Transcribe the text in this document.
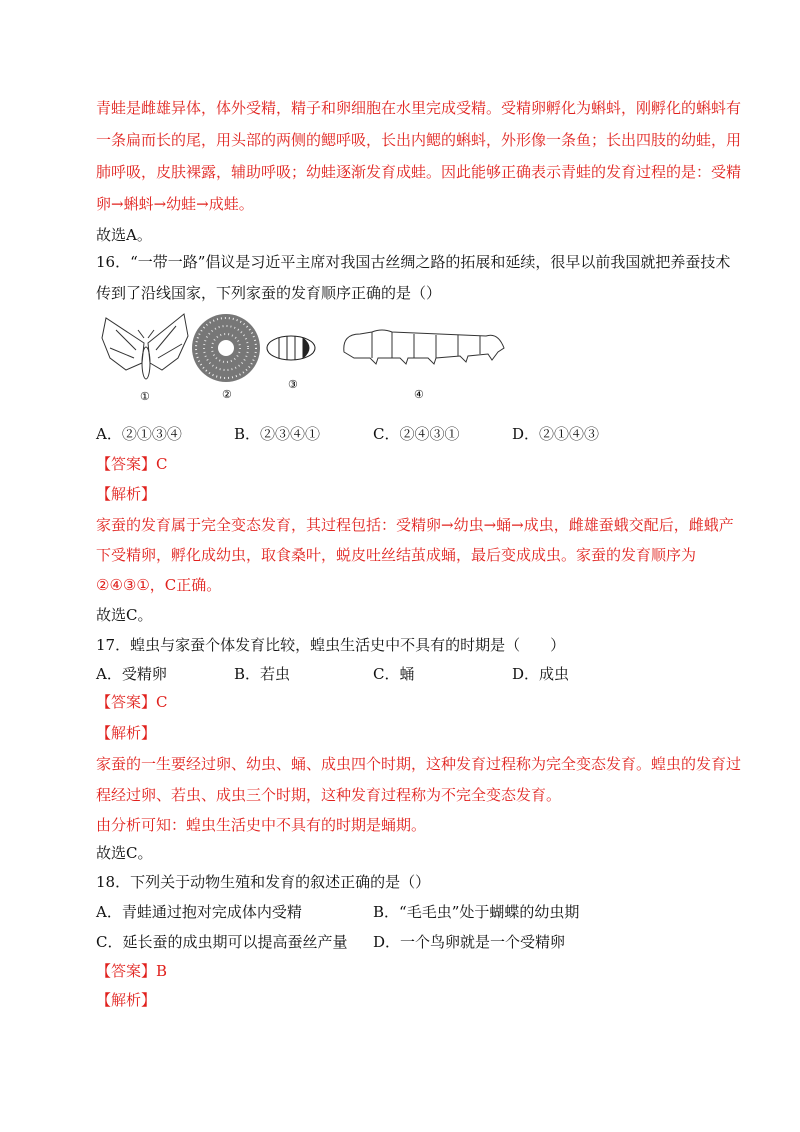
青蛙是雌雄异体，体外受精，精子和卵细胞在水里完成受精。受精卵孵化为蝌蚪，刚孵化的蝌蚪有
一条扁而长的尾，用头部的两侧的鳃呼吸，长出内鳃的蝌蚪，外形像一条鱼；长出四肢的幼蛙，用
肺呼吸，皮肤裸露，辅助呼吸；幼蛙逐渐发育成蛙。因此能够正确表示青蛙的发育过程的是：受精
卵→蝌蚪→幼蛙→成蛙。
故选A。
16．“一带一路”倡议是习近平主席对我国古丝绸之路的拓展和延续，很早以前我国就把养蚕技术
传到了沿线国家，下列家蚕的发育顺序正确的是（）
①	②
③
④
A．②①③④	B．②③④①	C．②④③①	D．②①④③
【答案】C
【解析】
家蚕的发育属于完全变态发育，其过程包括：受精卵→幼虫→蛹→成虫，雌雄蚕蛾交配后，雌蛾产
下受精卵，孵化成幼虫，取食桑叶，蜕皮吐丝结茧成蛹，最后变成成虫。家蚕的发育顺序为
②④③①，C正确。
故选C。
17．蝗虫与家蚕个体发育比较，蝗虫生活史中不具有的时期是（　　）
A．受精卵	B．若虫	C．蛹	D．成虫
【答案】C
【解析】
家蚕的一生要经过卵、幼虫、蛹、成虫四个时期，这种发育过程称为完全变态发育。蝗虫的发育过
程经过卵、若虫、成虫三个时期，这种发育过程称为不完全变态发育。
由分析可知：蝗虫生活史中不具有的时期是蛹期。
故选C。
18．下列关于动物生殖和发育的叙述正确的是（）
A．青蛙通过抱对完成体内受精	B．“毛毛虫”处于蝴蝶的幼虫期
C．延长蚕的成虫期可以提高蚕丝产量 D．一个鸟卵就是一个受精卵
【答案】B
【解析】
